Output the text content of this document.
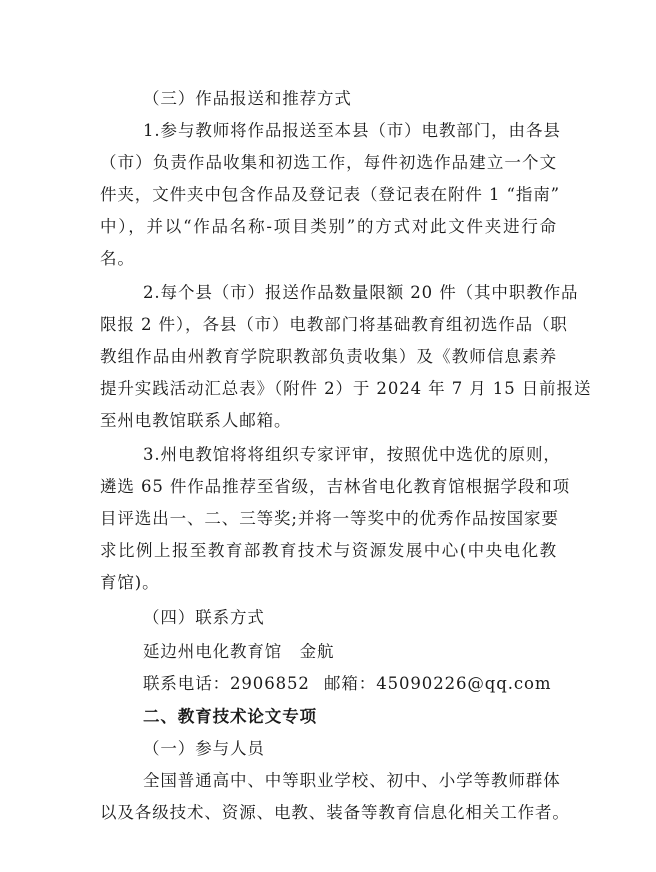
（三）作品报送和推荐方式
1.参与教师将作品报送至本县（市）电教部门，由各县
（市）负责作品收集和初选工作，每件初选作品建立一个文
件夹，文件夹中包含作品及登记表（登记表在附件 1 “指南”
中），并以“作品名称-项目类别”的方式对此文件夹进行命
名。
2.每个县（市）报送作品数量限额 20 件（其中职教作品
限报 2 件），各县（市）电教部门将基础教育组初选作品（职
教组作品由州教育学院职教部负责收集）及《教师信息素养
提升实践活动汇总表》（附件 2）于 2024 年 7 月 15 日前报送
至州电教馆联系人邮箱。
3.州电教馆将将组织专家评审，按照优中选优的原则，
遴选 65 件作品推荐至省级，吉林省电化教育馆根据学段和项
目评选出一、二、三等奖;并将一等奖中的优秀作品按国家要
求比例上报至教育部教育技术与资源发展中心(中央电化教
育馆)。
（四）联系方式
延边州电化教育馆　金航
联系电话：2906852 邮箱：45090226@qq.com
二、教育技术论文专项
（一）参与人员
全国普通高中、中等职业学校、初中、小学等教师群体
以及各级技术、资源、电教、装备等教育信息化相关工作者。
